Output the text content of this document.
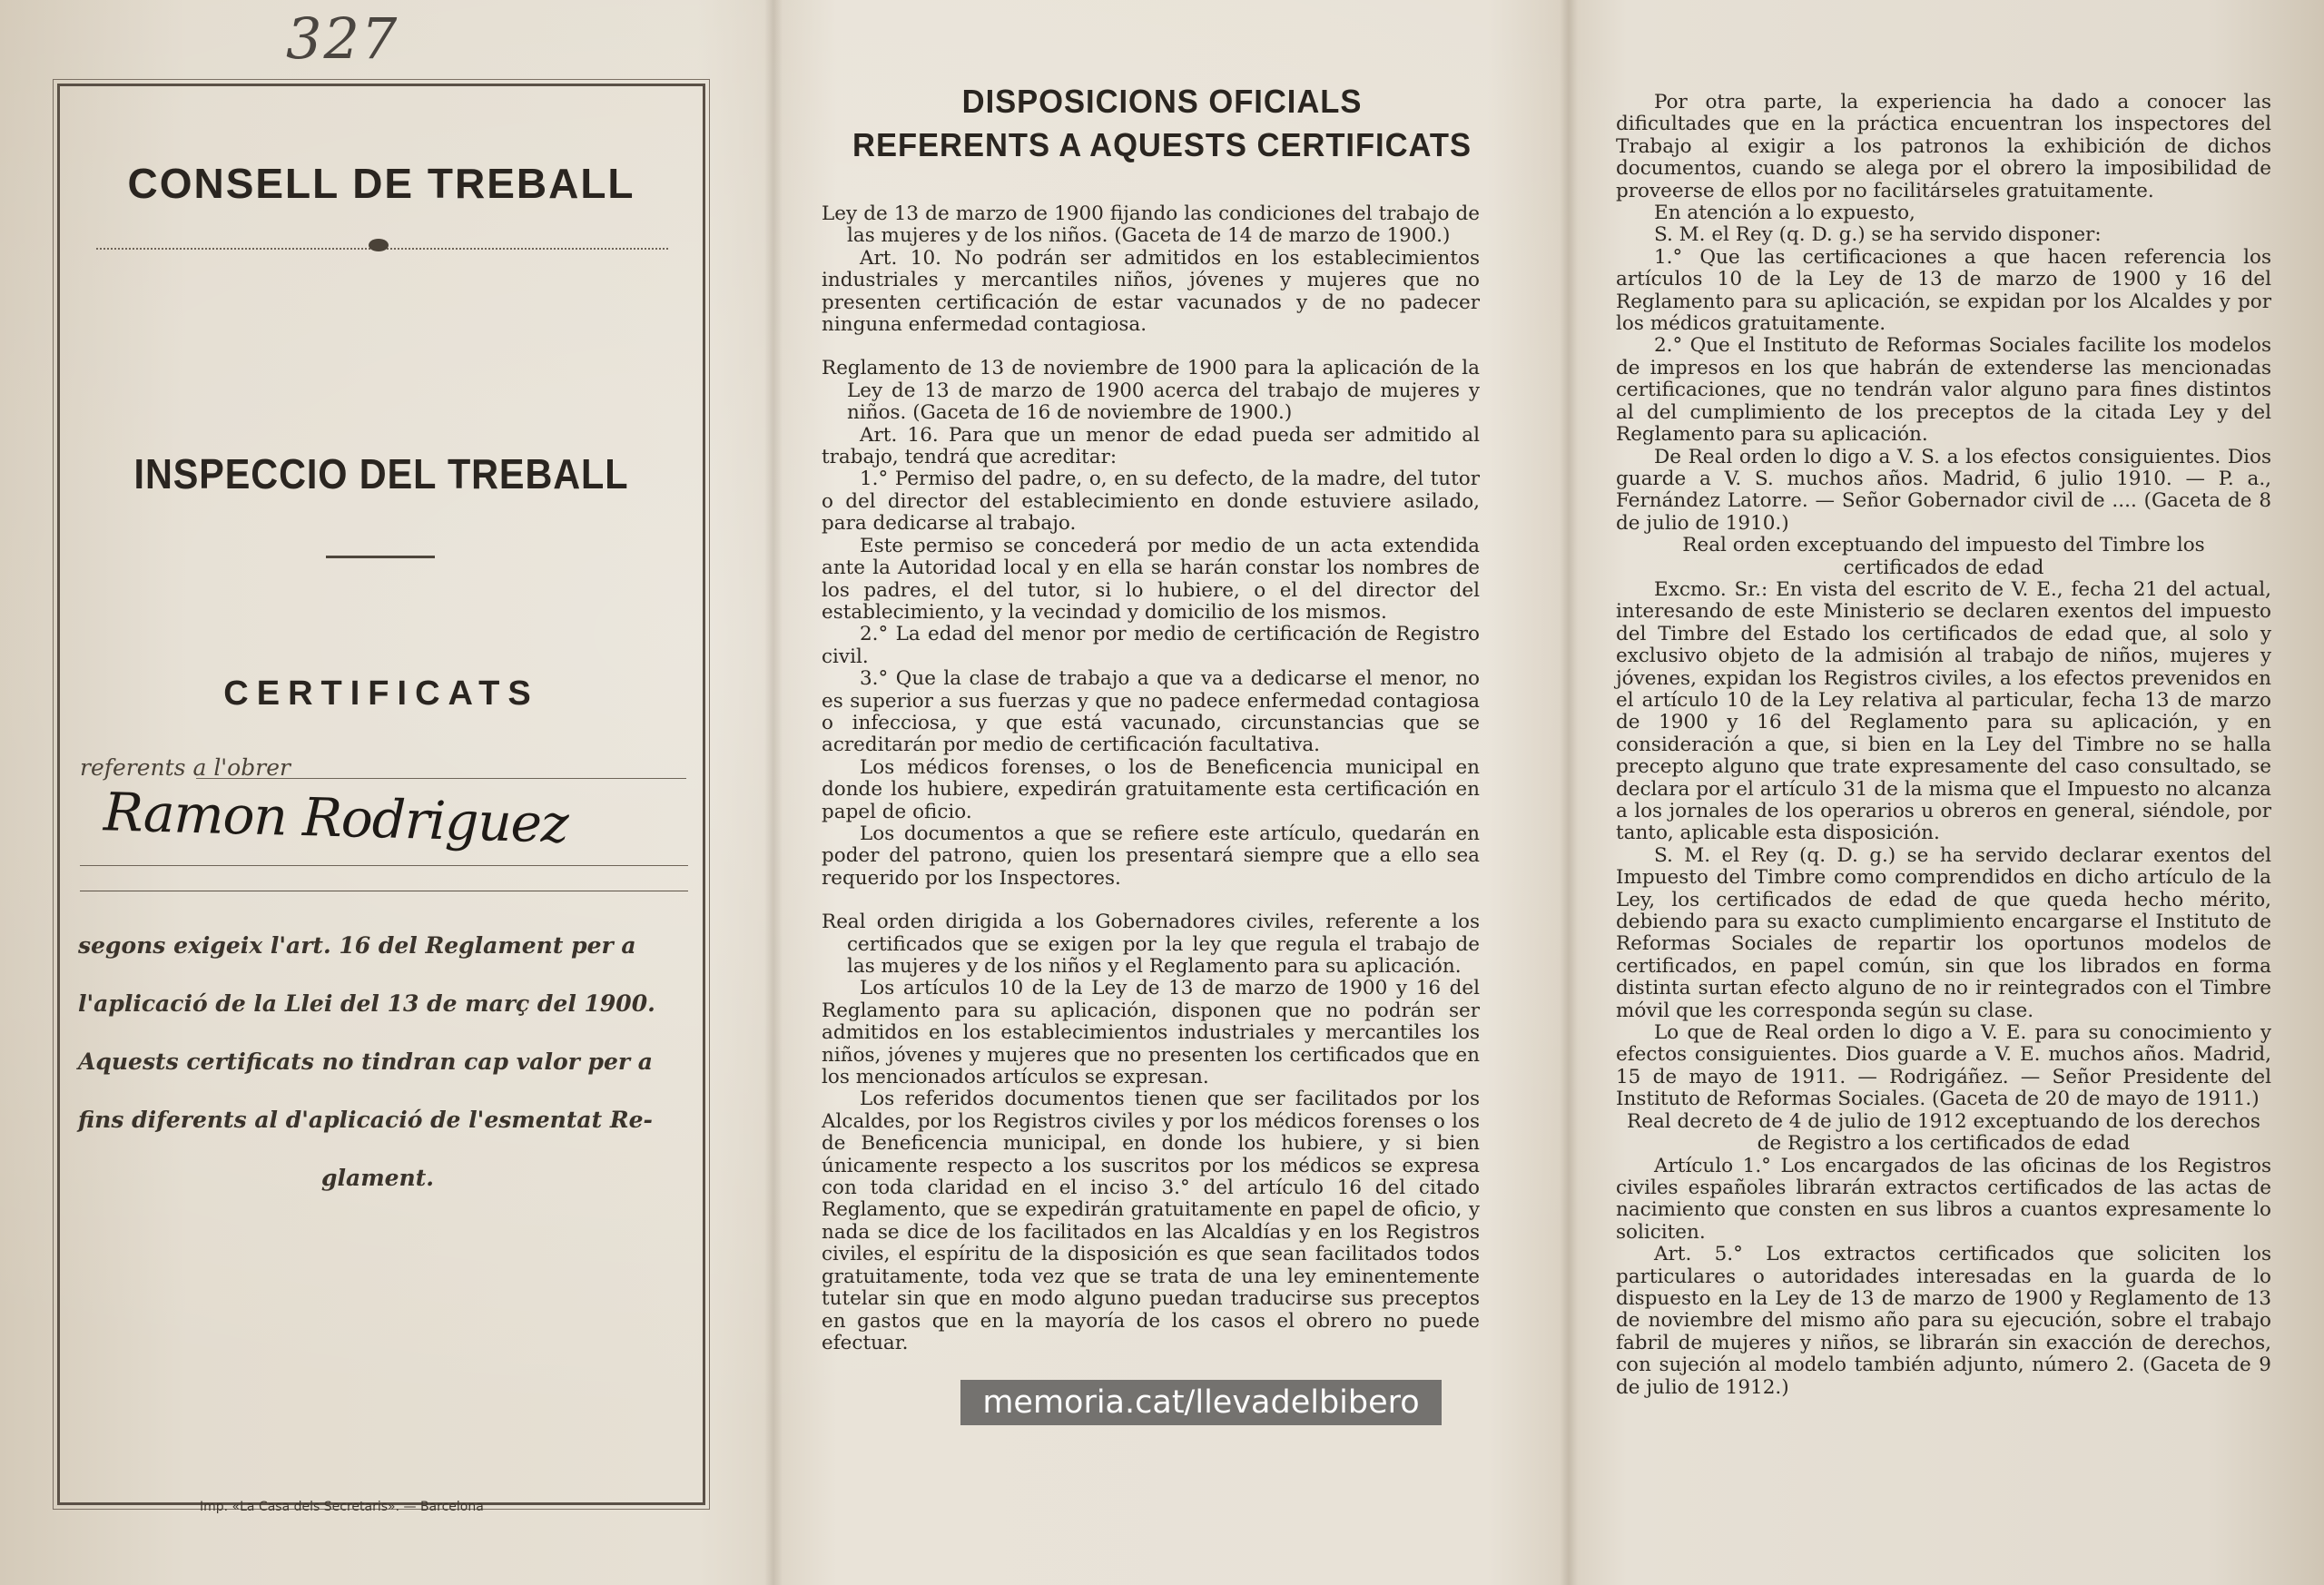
327
CONSELL DE TREBALL
INSPECCIO DEL TREBALL
CERTIFICATS
referents a l'obrer
Ramon Rodriguez

segons exigeix l'art. 16 del Reglament per a

l'aplicació de la Llei del 13 de març del 1900.

Aquests certificats no tindran cap valor per a

fins diferents al d'aplicació de l'esmentat Re-

glament.

Imp. «La Casa dels Secretaris». — Barcelona
DISPOSICIONS OFICIALS
REFERENTS A AQUESTS CERTIFICATS

Ley de 13 de marzo de 1900 fijando las condiciones del trabajo de las mujeres y de los niños. (Gaceta de 14 de marzo de 1900.)

Art. 10. No podrán ser admitidos en los establecimientos industriales y mercantiles niños, jóvenes y mujeres que no presenten certificación de estar vacunados y de no padecer ninguna enfermedad contagiosa.

Reglamento de 13 de noviembre de 1900 para la aplicación de la Ley de 13 de marzo de 1900 acerca del trabajo de mujeres y niños. (Gaceta de 16 de noviembre de 1900.)

Art. 16. Para que un menor de edad pueda ser admitido al trabajo, tendrá que acreditar:

1.° Permiso del padre, o, en su defecto, de la madre, del tutor o del director del establecimiento en donde estuviere asilado, para dedicarse al trabajo.

Este permiso se concederá por medio de un acta extendida ante la Autoridad local y en ella se harán constar los nombres de los padres, el del tutor, si lo hubiere, o el del director del establecimiento, y la vecindad y domicilio de los mismos.

2.° La edad del menor por medio de certificación de Registro civil.

3.° Que la clase de trabajo a que va a dedicarse el menor, no es superior a sus fuerzas y que no padece enfermedad contagiosa o infecciosa, y que está vacunado, circunstancias que se acreditarán por medio de certificación facultativa.

Los médicos forenses, o los de Beneficencia municipal en donde los hubiere, expedirán gratuitamente esta certificación en papel de oficio.

Los documentos a que se refiere este artículo, quedarán en poder del patrono, quien los presentará siempre que a ello sea requerido por los Inspectores.

Real orden dirigida a los Gobernadores civiles, referente a los certificados que se exigen por la ley que regula el trabajo de las mujeres y de los niños y el Reglamento para su aplicación.

Los artículos 10 de la Ley de 13 de marzo de 1900 y 16 del Reglamento para su aplicación, disponen que no podrán ser admitidos en los establecimientos industriales y mercantiles los niños, jóvenes y mujeres que no presenten los certificados que en los mencionados artículos se expresan.

Los referidos documentos tienen que ser facilitados por los Alcaldes, por los Registros civiles y por los médicos forenses o los de Beneficencia municipal, en donde los hubiere, y si bien únicamente respecto a los suscritos por los médicos se expresa con toda claridad en el inciso 3.° del artículo 16 del citado Reglamento, que se expedirán gratuitamente en papel de oficio, y nada se dice de los facilitados en las Alcaldías y en los Registros civiles, el espíritu de la disposición es que sean facilitados todos gratuitamente, toda vez que se trata de una ley eminentemente tutelar sin que en modo alguno puedan traducirse sus preceptos en gastos que en la mayoría de los casos el obrero no puede efectuar.

memoria.cat/llevadelbibero

Por otra parte, la experiencia ha dado a conocer las dificultades que en la práctica encuentran los inspectores del Trabajo al exigir a los patronos la exhibición de dichos documentos, cuando se alega por el obrero la imposibilidad de proveerse de ellos por no facilitárseles gratuitamente.

En atención a lo expuesto,

S. M. el Rey (q. D. g.) se ha servido disponer:

1.° Que las certificaciones a que hacen referencia los artículos 10 de la Ley de 13 de marzo de 1900 y 16 del Reglamento para su aplicación, se expidan por los Alcaldes y por los médicos gratuitamente.

2.° Que el Instituto de Reformas Sociales facilite los modelos de impresos en los que habrán de extenderse las mencionadas certificaciones, que no tendrán valor alguno para fines distintos al del cumplimiento de los preceptos de la citada Ley y del Reglamento para su aplicación.

De Real orden lo digo a V. S. a los efectos consiguientes. Dios guarde a V. S. muchos años. Madrid, 6 julio 1910. — P. a., Fernández Latorre. — Señor Gobernador civil de .... (Gaceta de 8 de julio de 1910.)

Real orden exceptuando del impuesto del Timbre los certificados de edad

Excmo. Sr.: En vista del escrito de V. E., fecha 21 del actual, interesando de este Ministerio se declaren exentos del impuesto del Timbre del Estado los certificados de edad que, al solo y exclusivo objeto de la admisión al trabajo de niños, mujeres y jóvenes, expidan los Registros civiles, a los efectos prevenidos en el artículo 10 de la Ley relativa al particular, fecha 13 de marzo de 1900 y 16 del Reglamento para su aplicación, y en consideración a que, si bien en la Ley del Timbre no se halla precepto alguno que trate expresamente del caso consultado, se declara por el artículo 31 de la misma que el Impuesto no alcanza a los jornales de los operarios u obreros en general, siéndole, por tanto, aplicable esta disposición.

S. M. el Rey (q. D. g.) se ha servido declarar exentos del Impuesto del Timbre como comprendidos en dicho artículo de la Ley, los certificados de edad de que queda hecho mérito, debiendo para su exacto cumplimiento encargarse el Instituto de Reformas Sociales de repartir los oportunos modelos de certificados, en papel común, sin que los librados en forma distinta surtan efecto alguno de no ir reintegrados con el Timbre móvil que les corresponda según su clase.

Lo que de Real orden lo digo a V. E. para su conocimiento y efectos consiguientes. Dios guarde a V. E. muchos años. Madrid, 15 de mayo de 1911. — Rodrigáñez. — Señor Presidente del Instituto de Reformas Sociales. (Gaceta de 20 de mayo de 1911.)

Real decreto de 4 de julio de 1912 exceptuando de los derechos de Registro a los certificados de edad

Artículo 1.° Los encargados de las oficinas de los Registros civiles españoles librarán extractos certificados de las actas de nacimiento que consten en sus libros a cuantos expresamente lo soliciten.

Art. 5.° Los extractos certificados que soliciten los particulares o autoridades interesadas en la guarda de lo dispuesto en la Ley de 13 de marzo de 1900 y Reglamento de 13 de noviembre del mismo año para su ejecución, sobre el trabajo fabril de mujeres y niños, se librarán sin exacción de derechos, con sujeción al modelo también adjunto, número 2. (Gaceta de 9 de julio de 1912.)
